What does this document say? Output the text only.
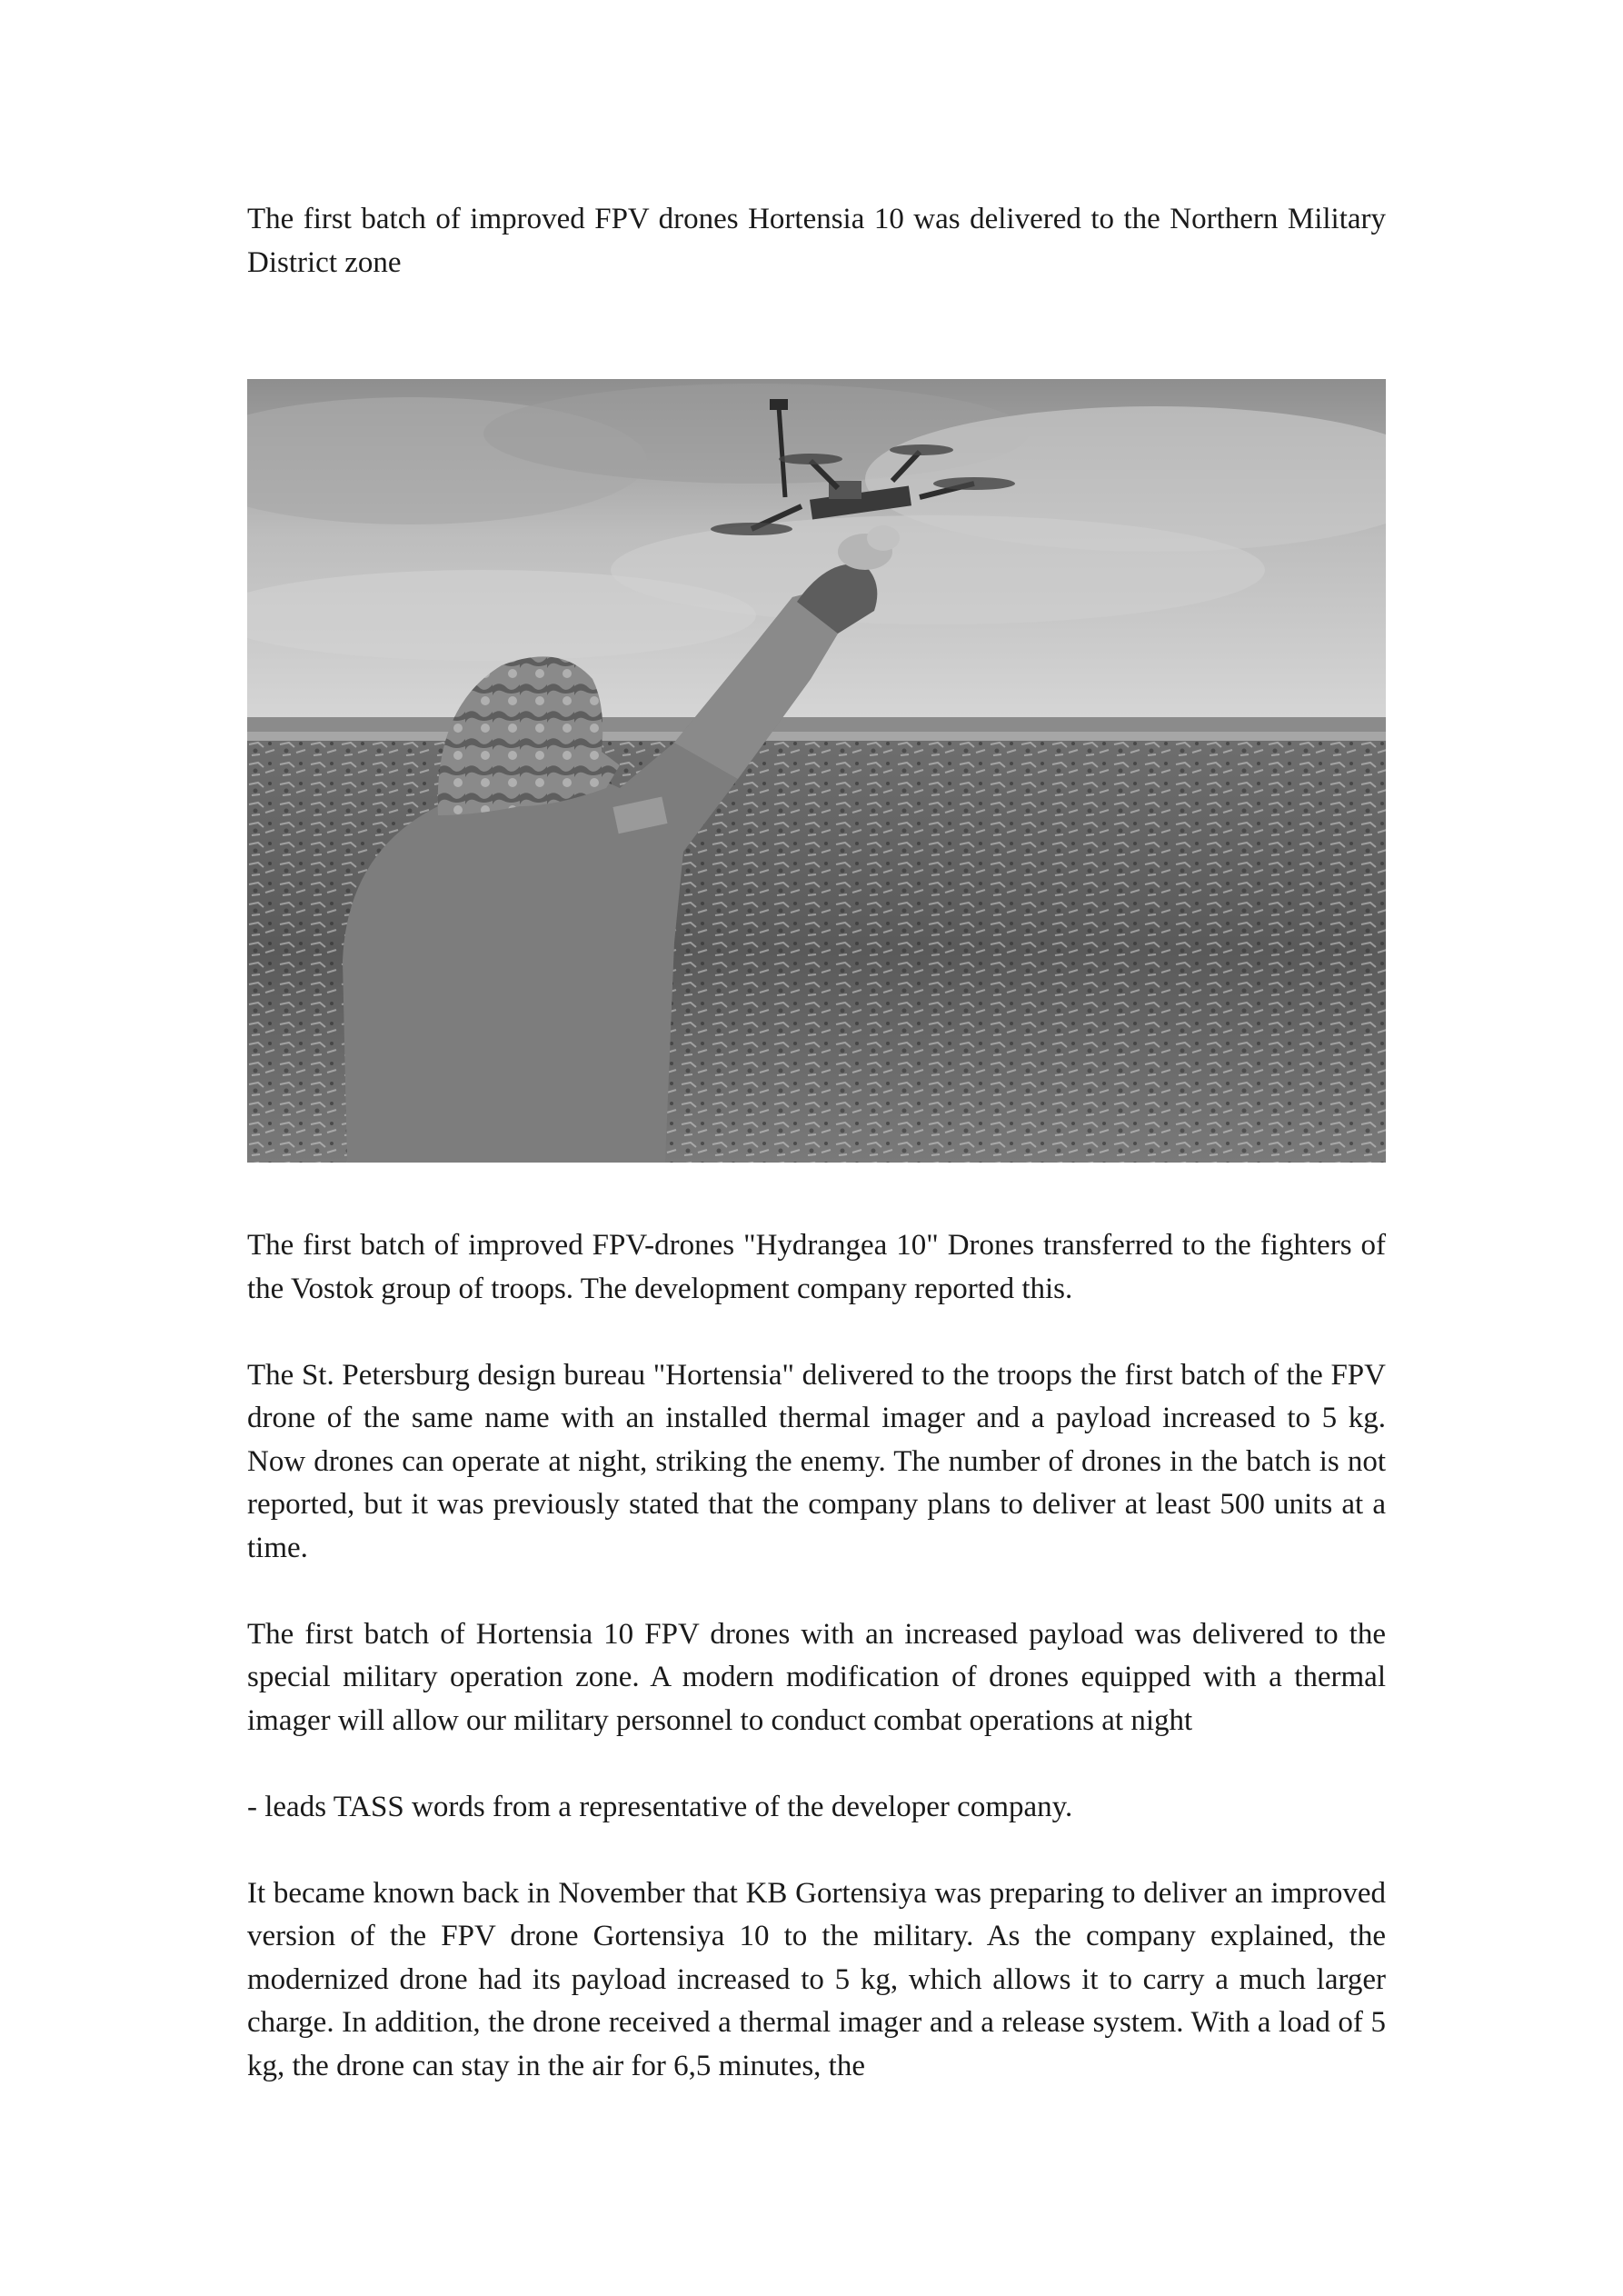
The first batch of improved FPV drones Hortensia 10 was delivered to the Northern Military District zone

The first batch of improved FPV-drones "Hydrangea 10" Drones transferred to the fighters of the Vostok group of troops. The development company reported this.

The St. Petersburg design bureau "Hortensia" delivered to the troops the first batch of the FPV drone of the same name with an installed thermal imager and a payload increased to 5 kg. Now drones can operate at night, striking the enemy. The number of drones in the batch is not reported, but it was previously stated that the company plans to deliver at least 500 units at a time.

The first batch of Hortensia 10 FPV drones with an increased payload was delivered to the special military operation zone. A modern modification of drones equipped with a thermal imager will allow our military personnel to conduct combat operations at night

- leads TASS words from a representative of the developer company.

It became known back in November that KB Gortensiya was preparing to deliver an improved version of the FPV drone Gortensiya 10 to the military. As the company explained, the modernized drone had its payload increased to 5 kg, which allows it to carry a much larger charge. In addition, the drone received a thermal imager and a release system. With a load of 5 kg, the drone can stay in the air for 6,5 minutes, the
